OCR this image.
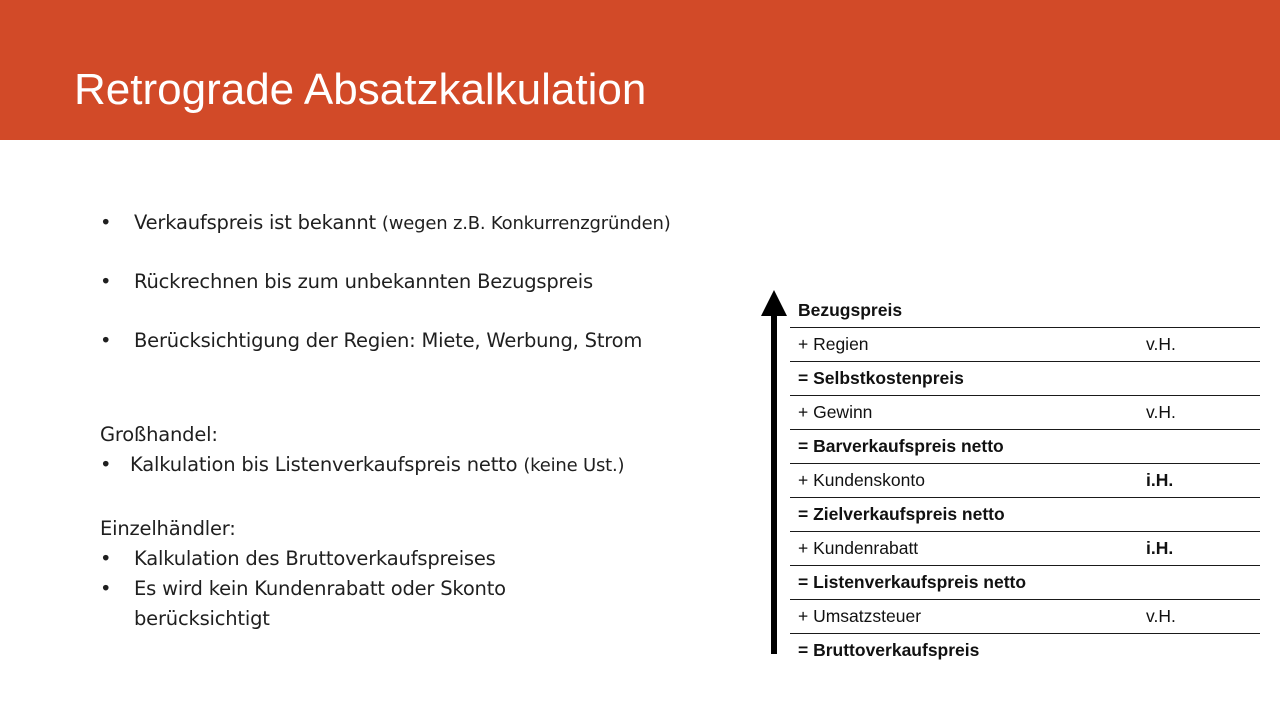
Retrograde Absatzkalkulation
• Verkaufspreis ist bekannt (wegen z.B. Konkurrenzgründen)
• Rückrechnen bis zum unbekannten Bezugspreis
• Berücksichtigung der Regien: Miete, Werbung, Strom
Großhandel:
• Kalkulation bis Listenverkaufspreis netto (keine Ust.)
Einzelhändler:
• Kalkulation des Bruttoverkaufspreises
• Es wird kein Kundenrabatt oder Skonto berücksichtigt
Bezugspreis	
+ Regien	v.H.
= Selbstkostenpreis	
+ Gewinn	v.H.
= Barverkaufspreis netto	
+ Kundenskonto	i.H.
= Zielverkaufspreis netto	
+ Kundenrabatt	i.H.
= Listenverkaufspreis netto	
+ Umsatzsteuer	v.H.
= Bruttoverkaufspreis	
